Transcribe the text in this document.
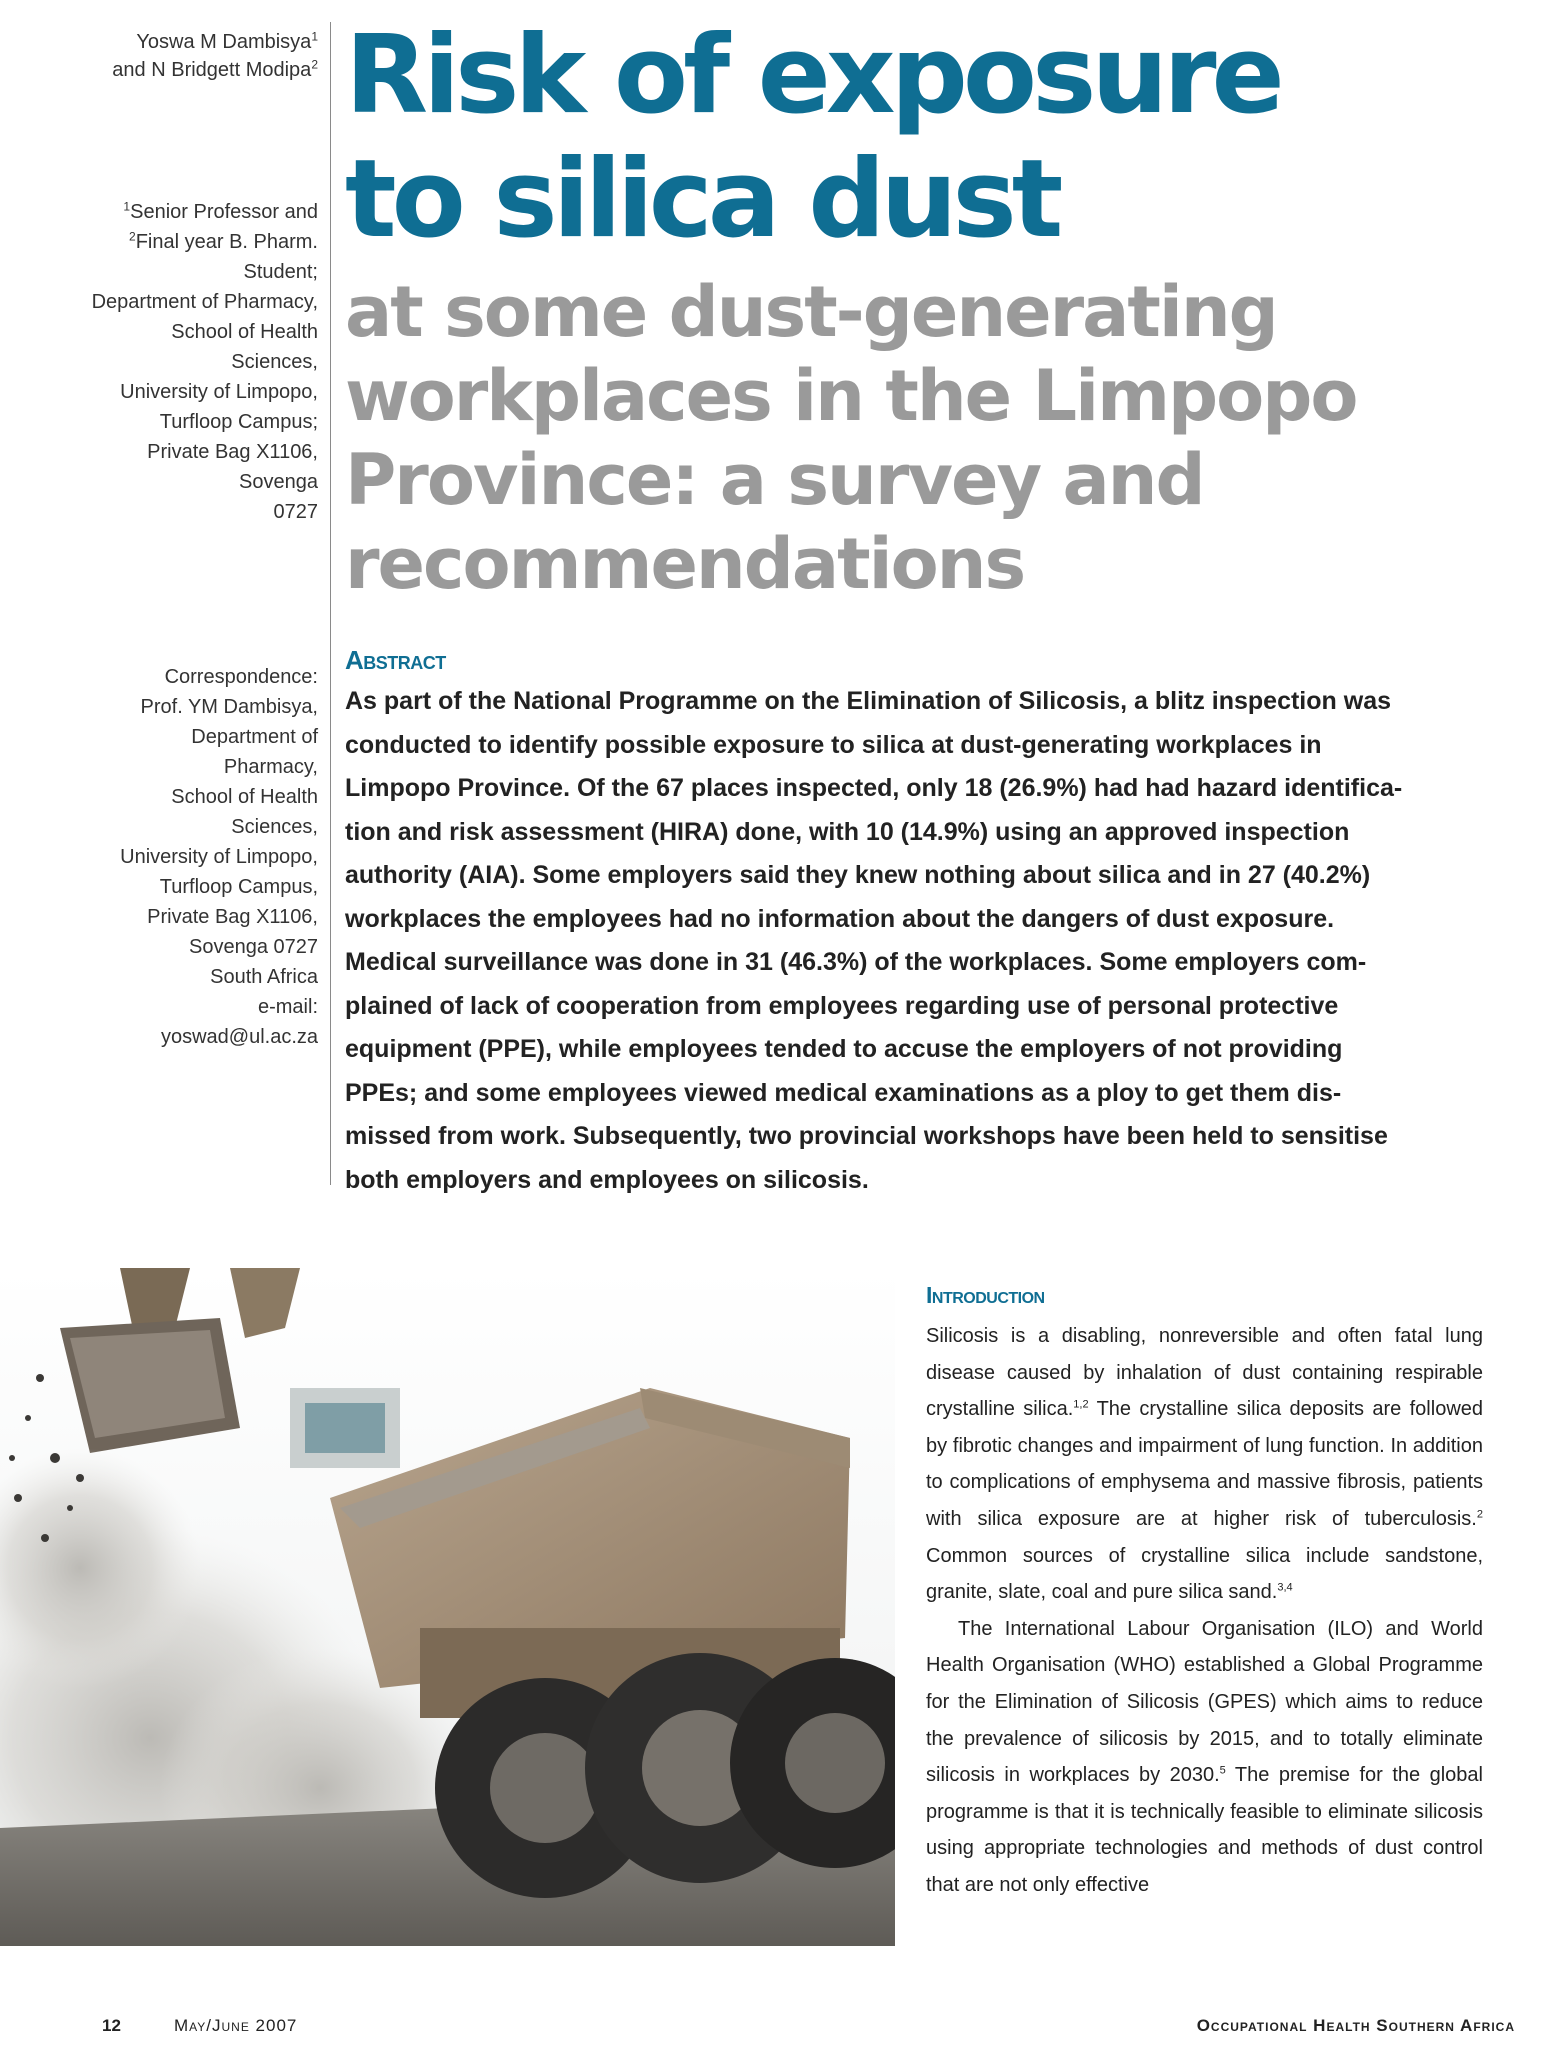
Yoswa M Dambisya$^1$
and N Bridgett Modipa$^2$
$^1$Senior Professor and
$^2$Final year B. Pharm.
Student;
Department of Pharmacy,
School of Health
Sciences,
University of Limpopo,
Turfloop Campus;
Private Bag X1106,
Sovenga
0727
Correspondence:
Prof. YM Dambisya,
Department of
Pharmacy,
School of Health
Sciences,
University of Limpopo,
Turfloop Campus,
Private Bag X1106,
Sovenga 0727
South Africa
e-mail:
yoswad@ul.ac.za
Risk of exposure
to silica dust
at some dust-generating
workplaces in the Limpopo
Province: a survey and
recommendations
Abstract
As part of the National Programme on the Elimination of Silicosis, a blitz inspection was
conducted to identify possible exposure to silica at dust-generating workplaces in
Limpopo Province. Of the 67 places inspected, only 18 (26.9%) had had hazard identifica-
tion and risk assessment (HIRA) done, with 10 (14.9%) using an approved inspection
authority (AIA). Some employers said they knew nothing about silica and in 27 (40.2%)
workplaces the employees had no information about the dangers of dust exposure.
Medical surveillance was done in 31 (46.3%) of the workplaces. Some employers com-
plained of lack of cooperation from employees regarding use of personal protective
equipment (PPE), while employees tended to accuse the employers of not providing
PPEs; and some employees viewed medical examinations as a ploy to get them dis-
missed from work. Subsequently, two provincial workshops have been held to sensitise
both employers and employees on silicosis.
Introduction

Silicosis is a disabling, nonreversible and often fatal lung disease caused by inhalation of dust containing respirable crystalline silica.$^{1,2}$ The crystalline silica deposits are followed by fibrotic changes and impairment of lung function. In addition to complications of emphysema and massive fibrosis, patients with silica exposure are at higher risk of tuberculosis.$^2$ Common sources of crystalline silica include sandstone, granite, slate, coal and pure silica sand.$^{3,4}$

The International Labour Organisation (ILO) and World Health Organisation (WHO) established a Global Programme for the Elimination of Silicosis (GPES) which aims to reduce the prevalence of silicosis by 2015, and to totally eliminate silicosis in workplaces by 2030.$^5$ The premise for the global programme is that it is technically feasible to eliminate silicosis using appropriate technologies and methods of dust control that are not only effective

12	May/June 2007	Occupational Health Southern Africa
